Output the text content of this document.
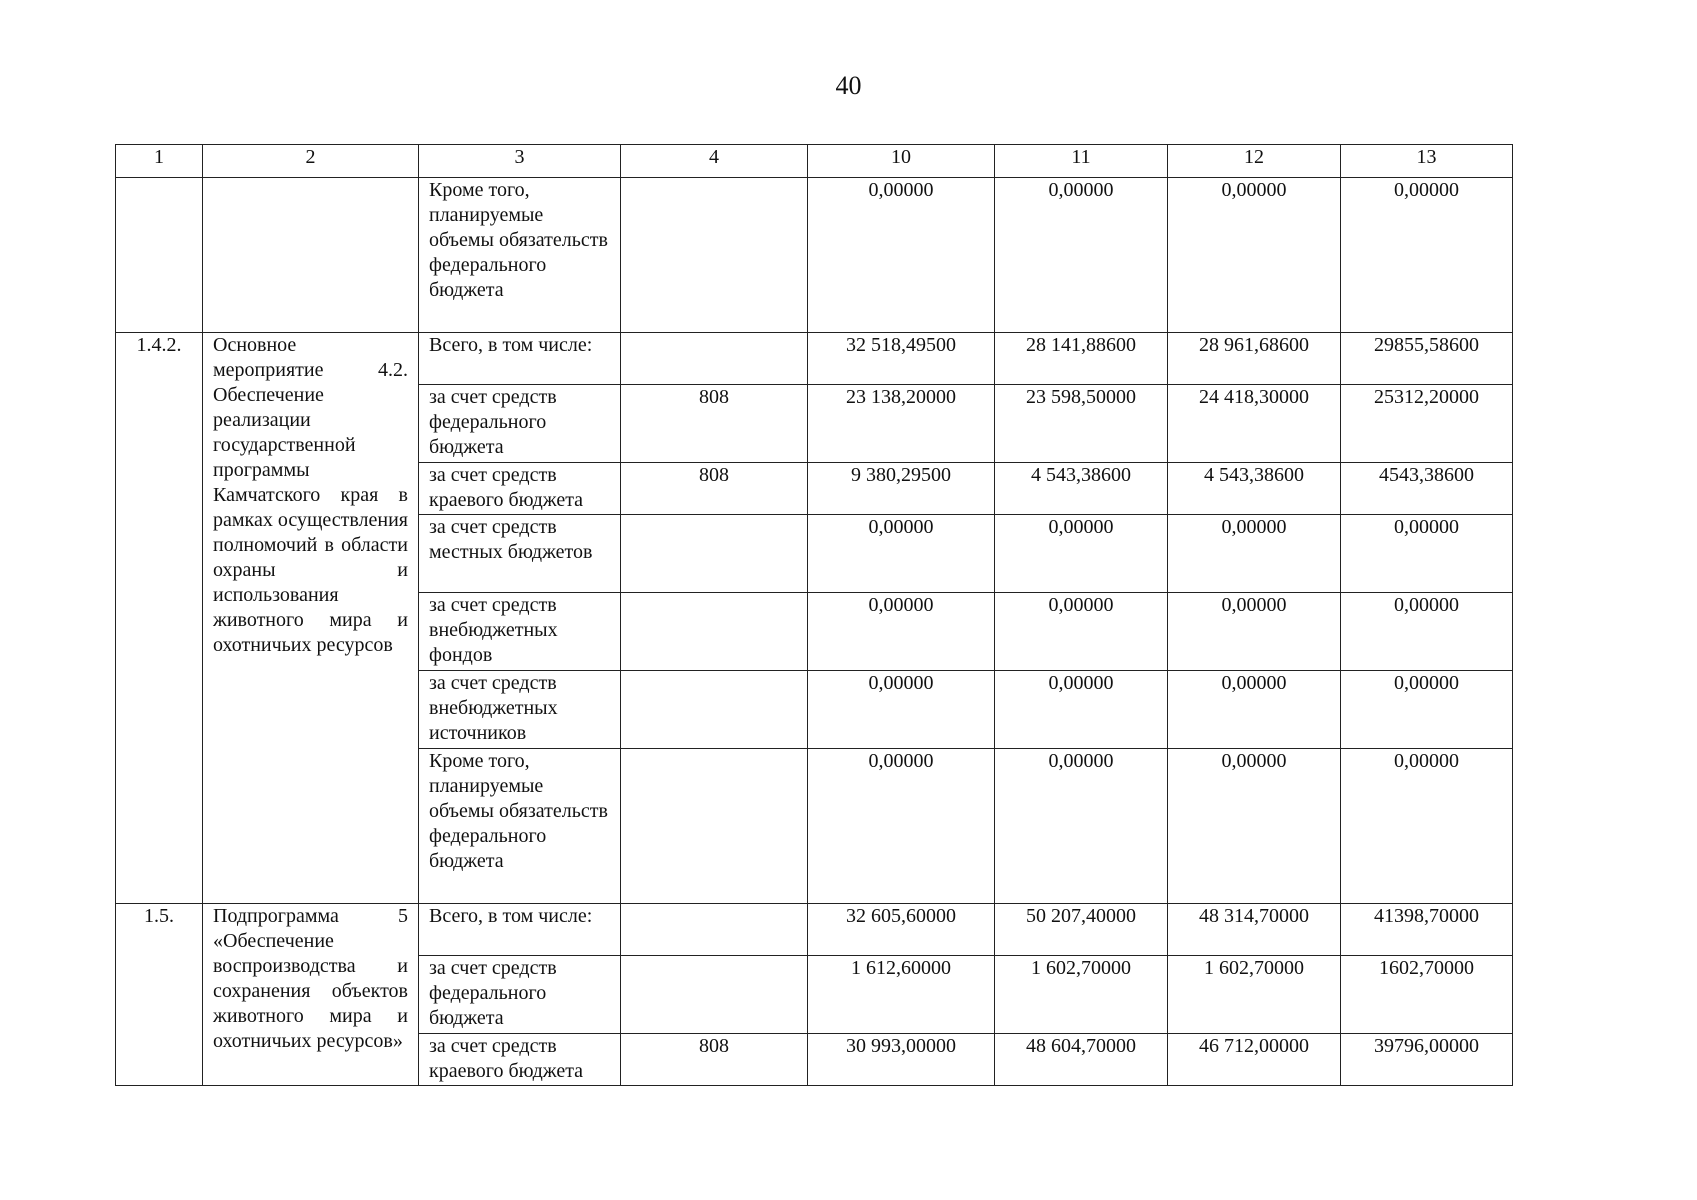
40
1	2	3	4	10	11	12	13
		Кроме того, планируемые объемы обязательств федерального бюджета		0,00000	0,00000	0,00000	0,00000
1.4.2.	Основное мероприятие 4.2. Обеспечение реализации государственной программы Камчатского края в рамках осуществления полномочий в области охраны и использования животного мира и охотничьих ресурсов	Всего, в том числе:		32 518,49500	28 141,88600	28 961,68600	29855,58600
		за счет средств федерального бюджета	808	23 138,20000	23 598,50000	24 418,30000	25312,20000
		за счет средств краевого бюджета	808	9 380,29500	4 543,38600	4 543,38600	4543,38600
		за счет средств местных бюджетов		0,00000	0,00000	0,00000	0,00000
		за счет средств внебюджетных фондов		0,00000	0,00000	0,00000	0,00000
		за счет средств внебюджетных источников		0,00000	0,00000	0,00000	0,00000
		Кроме того, планируемые объемы обязательств федерального бюджета		0,00000	0,00000	0,00000	0,00000
1.5.	Подпрограмма 5 «Обеспечение воспроизводства и сохранения объектов животного мира и охотничьих ресурсов»	Всего, в том числе:		32 605,60000	50 207,40000	48 314,70000	41398,70000
		за счет средств федерального бюджета		1 612,60000	1 602,70000	1 602,70000	1602,70000
		за счет средств краевого бюджета	808	30 993,00000	48 604,70000	46 712,00000	39796,00000
